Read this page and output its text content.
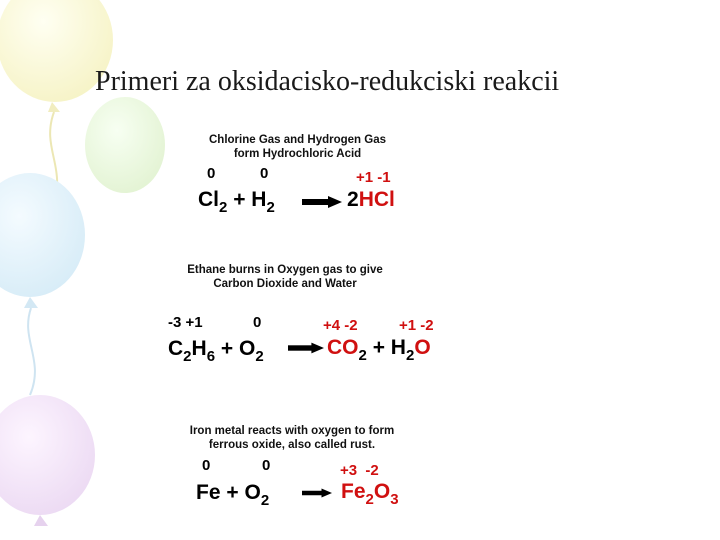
Primeri za oksidacisko-redukciski reakcii
Chlorine Gas and Hydrogen Gas
form Hydrochloric Acid
0	0	+1 -1
$Cl_2 + H_2$	2HCl
Ethane burns in Oxygen gas to give
Carbon Dioxide and Water
-3 +1	0	+4 -2	+1 -2
$C_2H_6 + O_2$	$CO_2 + H_2O$
Iron metal reacts with oxygen to form
ferrous oxide, also called rust.
0	0	+3  -2
$Fe + O_2$	$Fe_2O_3$
